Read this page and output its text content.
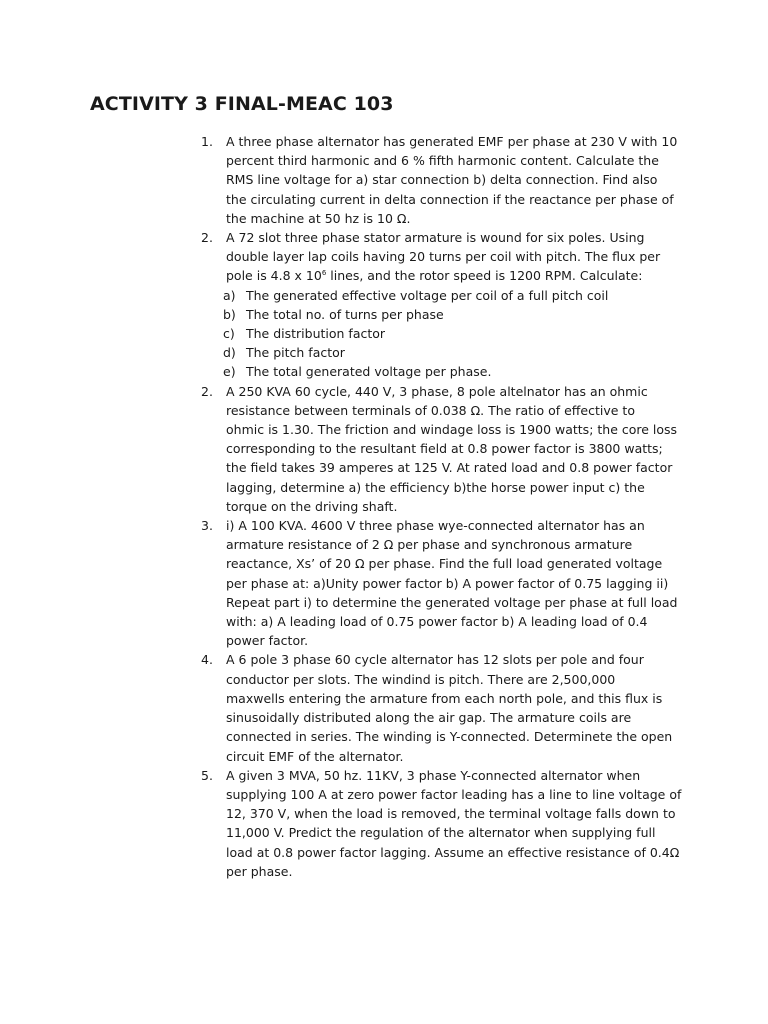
ACTIVITY 3 FINAL-MEAC 103
1. A three phase alternator has generated EMF per phase at 230 V with 10
percent third harmonic and 6 % fifth harmonic content. Calculate the
RMS line voltage for a) star connection b) delta connection. Find also
the circulating current in delta connection if the reactance per phase of
the machine at 50 hz is 10 Ω.
2. A 72 slot three phase stator armature is wound for six poles. Using
double layer lap coils having 20 turns per coil with pitch. The flux per
pole is 4.8 x $10^6$ lines, and the rotor speed is 1200 RPM. Calculate:
a) The generated effective voltage per coil of a full pitch coil
b) The total no. of turns per phase
c) The distribution factor
d) The pitch factor
e) The total generated voltage per phase.
2. A 250 KVA 60 cycle, 440 V, 3 phase, 8 pole altelnator has an ohmic
resistance between terminals of 0.038 Ω. The ratio of effective to
ohmic is 1.30. The friction and windage loss is 1900 watts; the core loss
corresponding to the resultant field at 0.8 power factor is 3800 watts;
the field takes 39 amperes at 125 V. At rated load and 0.8 power factor
lagging, determine a) the efficiency b)the horse power input c) the
torque on the driving shaft.
3. i) A 100 KVA. 4600 V three phase wye-connected alternator has an
armature resistance of 2 Ω per phase and synchronous armature
reactance, Xs’ of 20 Ω per phase. Find the full load generated voltage
per phase at: a)Unity power factor b) A power factor of 0.75 lagging ii)
Repeat part i) to determine the generated voltage per phase at full load
with: a) A leading load of 0.75 power factor b) A leading load of 0.4
power factor.
4. A 6 pole 3 phase 60 cycle alternator has 12 slots per pole and four
conductor per slots. The windind is pitch. There are 2,500,000
maxwells entering the armature from each north pole, and this flux is
sinusoidally distributed along the air gap. The armature coils are
connected in series. The winding is Y-connected. Determinete the open
circuit EMF of the alternator.
5. A given 3 MVA, 50 hz. 11KV, 3 phase Y-connected alternator when
supplying 100 A at zero power factor leading has a line to line voltage of
12, 370 V, when the load is removed, the terminal voltage falls down to
11,000 V. Predict the regulation of the alternator when supplying full
load at 0.8 power factor lagging. Assume an effective resistance of 0.4Ω
per phase.
